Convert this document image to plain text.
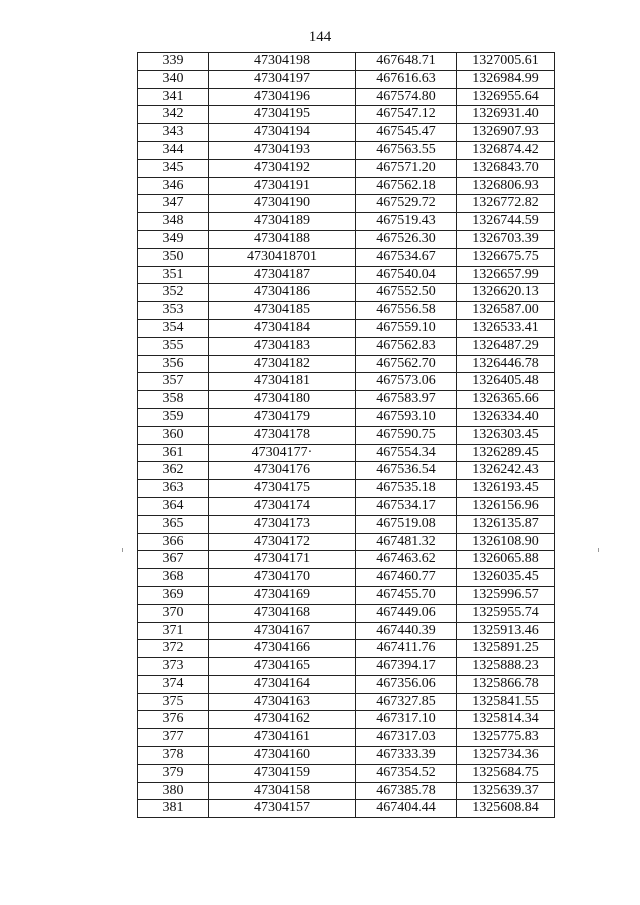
144
339	47304198	467648.71	1327005.61
340	47304197	467616.63	1326984.99
341	47304196	467574.80	1326955.64
342	47304195	467547.12	1326931.40
343	47304194	467545.47	1326907.93
344	47304193	467563.55	1326874.42
345	47304192	467571.20	1326843.70
346	47304191	467562.18	1326806.93
347	47304190	467529.72	1326772.82
348	47304189	467519.43	1326744.59
349	47304188	467526.30	1326703.39
350	4730418701	467534.67	1326675.75
351	47304187	467540.04	1326657.99
352	47304186	467552.50	1326620.13
353	47304185	467556.58	1326587.00
354	47304184	467559.10	1326533.41
355	47304183	467562.83	1326487.29
356	47304182	467562.70	1326446.78
357	47304181	467573.06	1326405.48
358	47304180	467583.97	1326365.66
359	47304179	467593.10	1326334.40
360	47304178	467590.75	1326303.45
361	47304177·	467554.34	1326289.45
362	47304176	467536.54	1326242.43
363	47304175	467535.18	1326193.45
364	47304174	467534.17	1326156.96
365	47304173	467519.08	1326135.87
366	47304172	467481.32	1326108.90
367	47304171	467463.62	1326065.88
368	47304170	467460.77	1326035.45
369	47304169	467455.70	1325996.57
370	47304168	467449.06	1325955.74
371	47304167	467440.39	1325913.46
372	47304166	467411.76	1325891.25
373	47304165	467394.17	1325888.23
374	47304164	467356.06	1325866.78
375	47304163	467327.85	1325841.55
376	47304162	467317.10	1325814.34
377	47304161	467317.03	1325775.83
378	47304160	467333.39	1325734.36
379	47304159	467354.52	1325684.75
380	47304158	467385.78	1325639.37
381	47304157	467404.44	1325608.84
